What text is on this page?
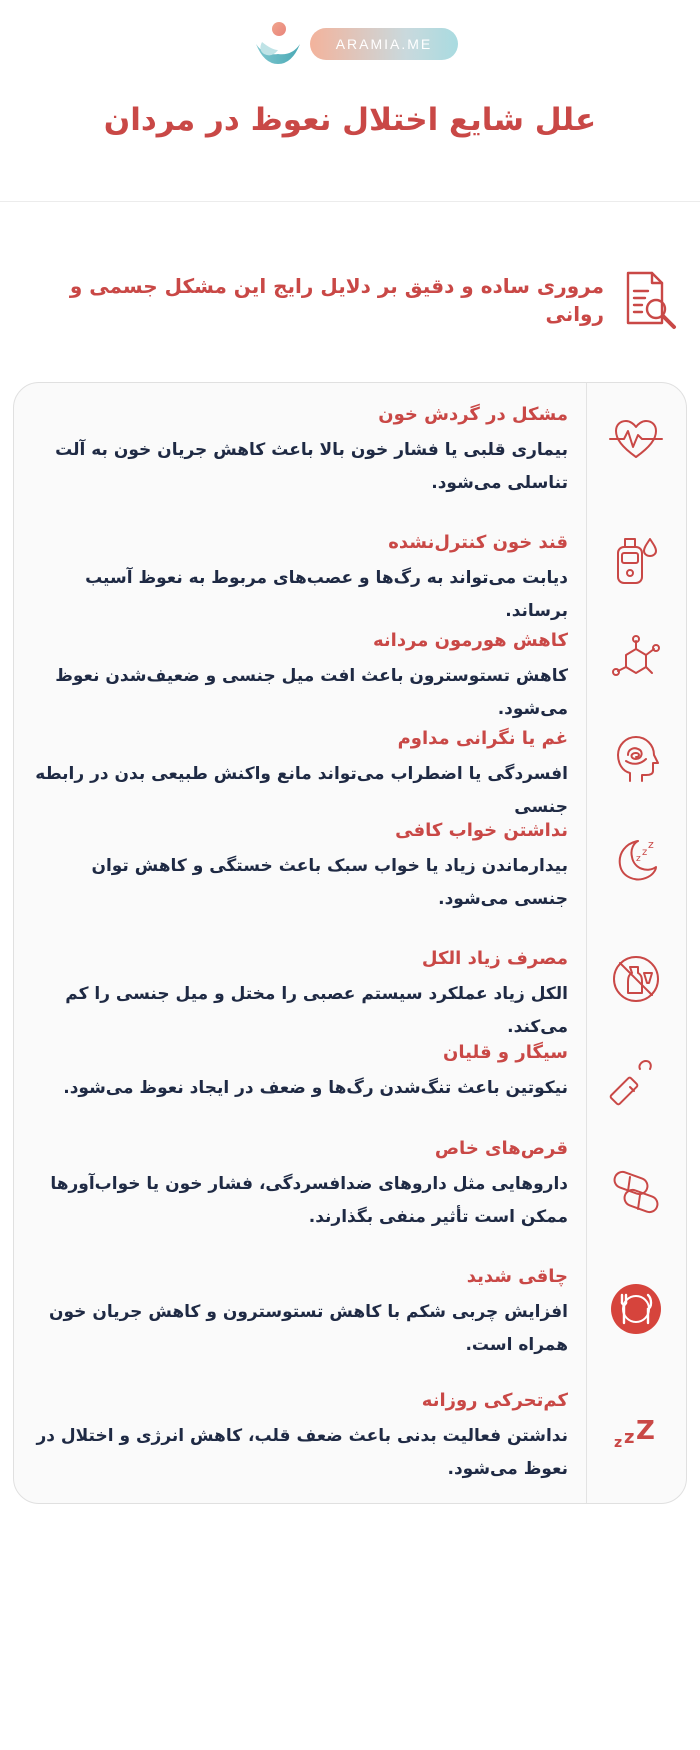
ARAMIA.ME
علل شایع اختلال نعوظ در مردان
مروری ساده و دقیق بر دلایل رایج این مشکل جسمی و روانی
z
z
z
z z Z
مشکل در گردش خون
بیماری قلبی یا فشار خون بالا باعث کاهش جریان خون به آلت تناسلی می‌شود.
قند خون کنترل‌نشده
دیابت می‌تواند به رگ‌ها و عصب‌های مربوط به نعوظ آسیب برساند.
کاهش هورمون مردانه
کاهش تستوسترون باعث افت میل جنسی و ضعیف‌شدن نعوظ می‌شود.
غم یا نگرانی مداوم
افسردگی یا اضطراب می‌تواند مانع واکنش طبیعی بدن در رابطه جنسی
نداشتن خواب کافی
بیدارماندن زیاد یا خواب سبک باعث خستگی و کاهش توان جنسی می‌شود.
مصرف زیاد الکل
الکل زیاد عملکرد سیستم عصبی را مختل و میل جنسی را کم می‌کند.
سیگار و قلیان
نیکوتین باعث تنگ‌شدن رگ‌ها و ضعف در ایجاد نعوظ می‌شود.
قرص‌های خاص
داروهایی مثل داروهای ضدافسردگی، فشار خون یا خواب‌آورها ممکن است تأثیر منفی بگذارند.
چاقی شدید
افزایش چربی شکم با کاهش تستوسترون و کاهش جریان خون همراه است.
کم‌تحرکی روزانه
نداشتن فعالیت بدنی باعث ضعف قلب، کاهش انرژی و اختلال در نعوظ می‌شود.
